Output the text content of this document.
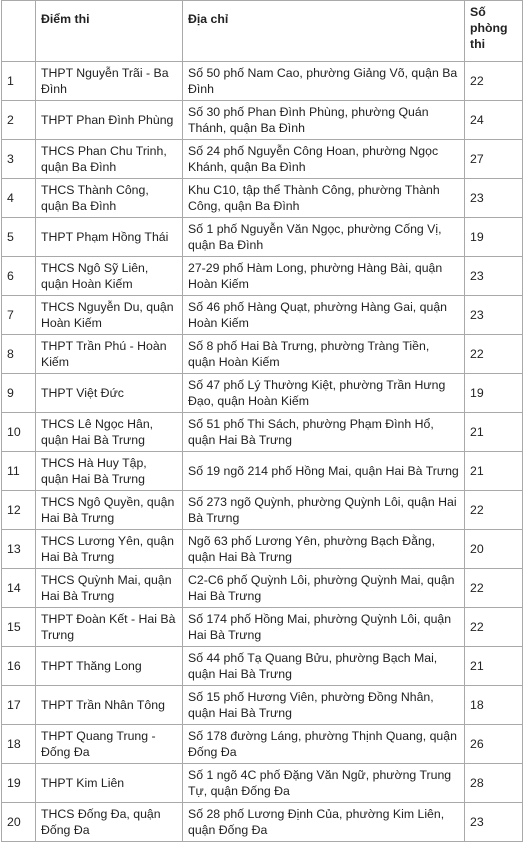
	Điểm thi	Địa chỉ	Số phòng thi
1	THPT Nguyễn Trãi - Ba Đình	Số 50 phố Nam Cao, phường Giảng Võ, quận Ba Đình	22
2	THPT Phan Đình Phùng	Số 30 phố Phan Đình Phùng, phường Quán Thánh, quận Ba Đình	24
3	THCS Phan Chu Trinh, quận Ba Đình	Số 24 phố Nguyễn Công Hoan, phường Ngọc Khánh, quận Ba Đình	27
4	THCS Thành Công, quận Ba Đình	Khu C10, tập thể Thành Công, phường Thành Công, quận Ba Đình	23
5	THPT Phạm Hồng Thái	Số 1 phố Nguyễn Văn Ngọc, phường Cống Vị, quận Ba Đình	19
6	THCS Ngô Sỹ Liên, quận Hoàn Kiếm	27-29 phố Hàm Long, phường Hàng Bài, quận Hoàn Kiếm	23
7	THCS Nguyễn Du, quận Hoàn Kiếm	Số 46 phố Hàng Quạt, phường Hàng Gai, quận Hoàn Kiếm	23
8	THPT Trần Phú - Hoàn Kiếm	Số 8 phố Hai Bà Trưng, phường Tràng Tiền, quận Hoàn Kiếm	22
9	THPT Việt Đức	Số 47 phố Lý Thường Kiệt, phường Trần Hưng Đạo, quận Hoàn Kiếm	19
10	THCS Lê Ngọc Hân, quận Hai Bà Trưng	Số 51 phố Thi Sách, phường Phạm Đình Hổ, quận Hai Bà Trưng	21
11	THCS Hà Huy Tập, quận Hai Bà Trưng	Số 19 ngõ 214 phố Hồng Mai, quận Hai Bà Trưng	21
12	THCS Ngô Quyền, quận Hai Bà Trưng	Số 273 ngõ Quỳnh, phường Quỳnh Lôi, quận Hai Bà Trưng	22
13	THCS Lương Yên, quận Hai Bà Trưng	Ngõ 63 phố Lương Yên, phường Bạch Đằng, quận Hai Bà Trưng	20
14	THCS Quỳnh Mai, quận Hai Bà Trưng	C2-C6 phố Quỳnh Lôi, phường Quỳnh Mai, quận Hai Bà Trưng	22
15	THPT Đoàn Kết - Hai Bà Trưng	Số 174 phố Hồng Mai, phường Quỳnh Lôi, quận Hai Bà Trưng	22
16	THPT Thăng Long	Số 44 phố Tạ Quang Bửu, phường Bạch Mai, quận Hai Bà Trưng	21
17	THPT Trần Nhân Tông	Số 15 phố Hương Viên, phường Đồng Nhân, quận Hai Bà Trưng	18
18	THPT Quang Trung - Đống Đa	Số 178 đường Láng, phường Thịnh Quang, quận Đống Đa	26
19	THPT Kim Liên	Số 1 ngõ 4C phố Đặng Văn Ngữ, phường Trung Tự, quận Đống Đa	28
20	THCS Đống Đa, quận Đống Đa	Số 28 phố Lương Định Của, phường Kim Liên, quận Đống Đa	23
